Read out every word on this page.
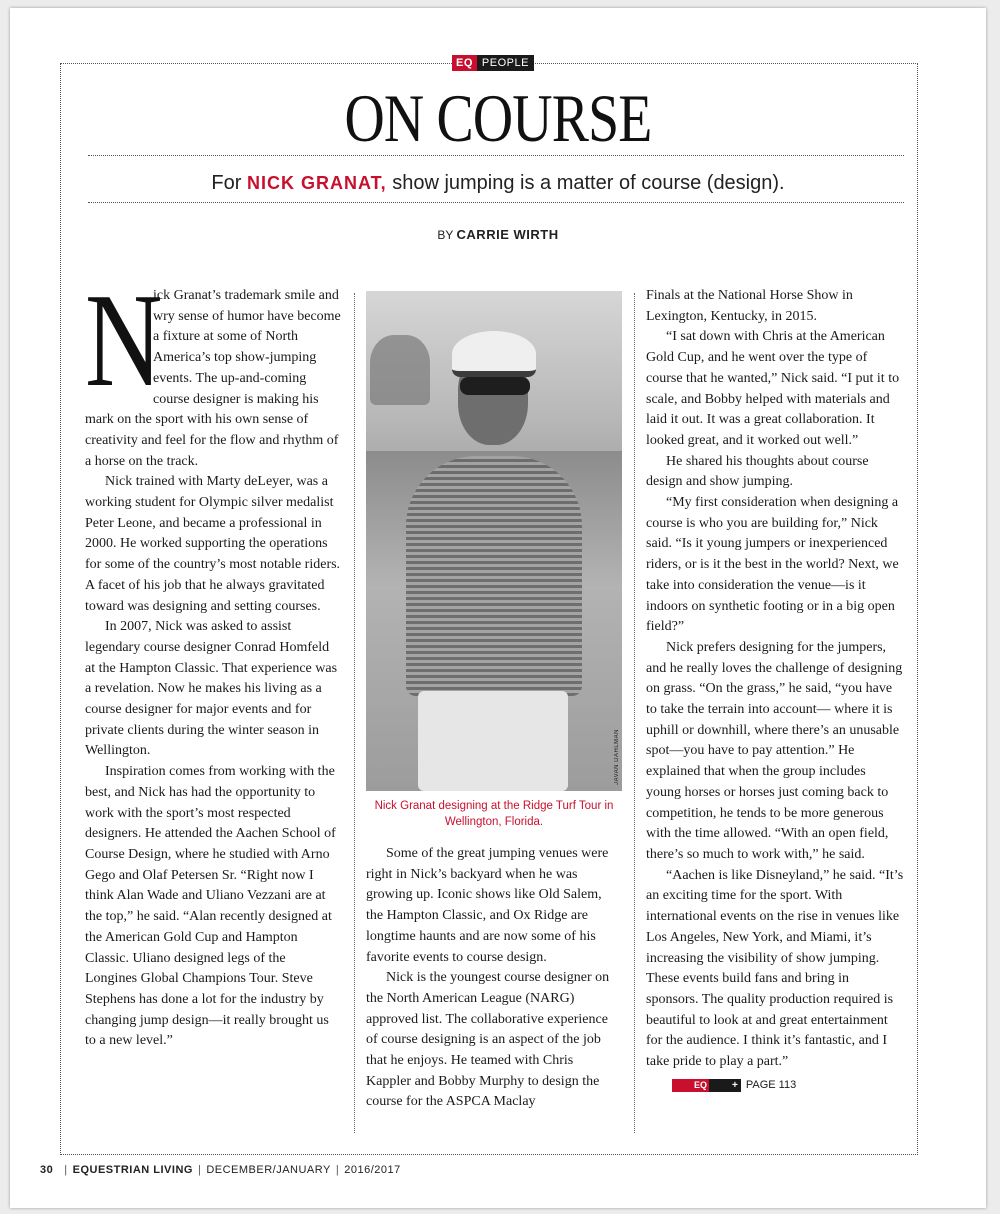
EQ PEOPLE
ON COURSE
For NICK GRANAT, show jumping is a matter of course (design).
BY CARRIE WIRTH

N
ick Granat’s trademark smile and wry sense of humor have become a fixture at some of North America’s top show-jumping events. The up-and-coming course designer is making his mark on the sport with his own sense of creativity and feel for the flow and rhythm of a horse on the track.

Nick trained with Marty deLeyer, was a working student for Olympic silver medalist Peter Leone, and became a professional in 2000. He worked supporting the operations for some of the country’s most notable riders. A facet of his job that he always gravitated toward was designing and setting courses.

In 2007, Nick was asked to assist legendary course designer Conrad Homfeld at the Hampton Classic. That experience was a revelation. Now he makes his living as a course designer for major events and for private clients during the winter season in Wellington.

Inspiration comes from working with the best, and Nick has had the opportunity to work with the sport’s most respected designers. He attended the Aachen School of Course Design, where he studied with Arno Gego and Olaf Petersen Sr. “Right now I think Alan Wade and Uliano Vezzani are at the top,” he said. “Alan recently designed at the American Gold Cup and Hampton Classic. Uliano designed legs of the Longines Global Champions Tour. Steve Stephens has done a lot for the industry by changing jump design—it really brought us to a new level.”

JAVAN DAHLMAN
Nick Granat designing at the Ridge Turf Tour in Wellington, Florida.

Some of the great jumping venues were right in Nick’s backyard when he was growing up. Iconic shows like Old Salem, the Hampton Classic, and Ox Ridge are longtime haunts and are now some of his favorite events to course design.

Nick is the youngest course designer on the North American League (NARG) approved list. The collaborative experience of course designing is an aspect of the job that he enjoys. He teamed with Chris Kappler and Bobby Murphy to design the course for the ASPCA Maclay

Finals at the National Horse Show in Lexington, Kentucky, in 2015.

“I sat down with Chris at the American Gold Cup, and he went over the type of course that he wanted,” Nick said. “I put it to scale, and Bobby helped with materials and laid it out. It was a great collaboration. It looked great, and it worked out well.”

He shared his thoughts about course design and show jumping.

“My first consideration when designing a course is who you are building for,” Nick said. “Is it young jumpers or inexperienced riders, or is it the best in the world? Next, we take into consideration the venue—is it indoors on synthetic footing or in a big open field?”

Nick prefers designing for the jumpers, and he really loves the challenge of designing on grass. “On the grass,” he said, “you have to take the terrain into account— where it is uphill or downhill, where there’s an unusable spot—you have to pay attention.” He explained that when the group includes young horses or horses just coming back to competition, he tends to be more generous with the time allowed. “With an open field, there’s so much to work with,” he said.

“Aachen is like Disneyland,” he said. “It’s an exciting time for the sport. With international events on the rise in venues like Los Angeles, New York, and Miami, it’s increasing the visibility of show jumping. These events build fans and bring in sponsors. The quality production required is beautiful to look at and great entertainment for the audience. I think it’s fantastic, and I take pride to play a part.”EQ	+ PAGE 113

30 | EQUESTRIAN LIVING | DECEMBER/JANUARY | 2016/2017
